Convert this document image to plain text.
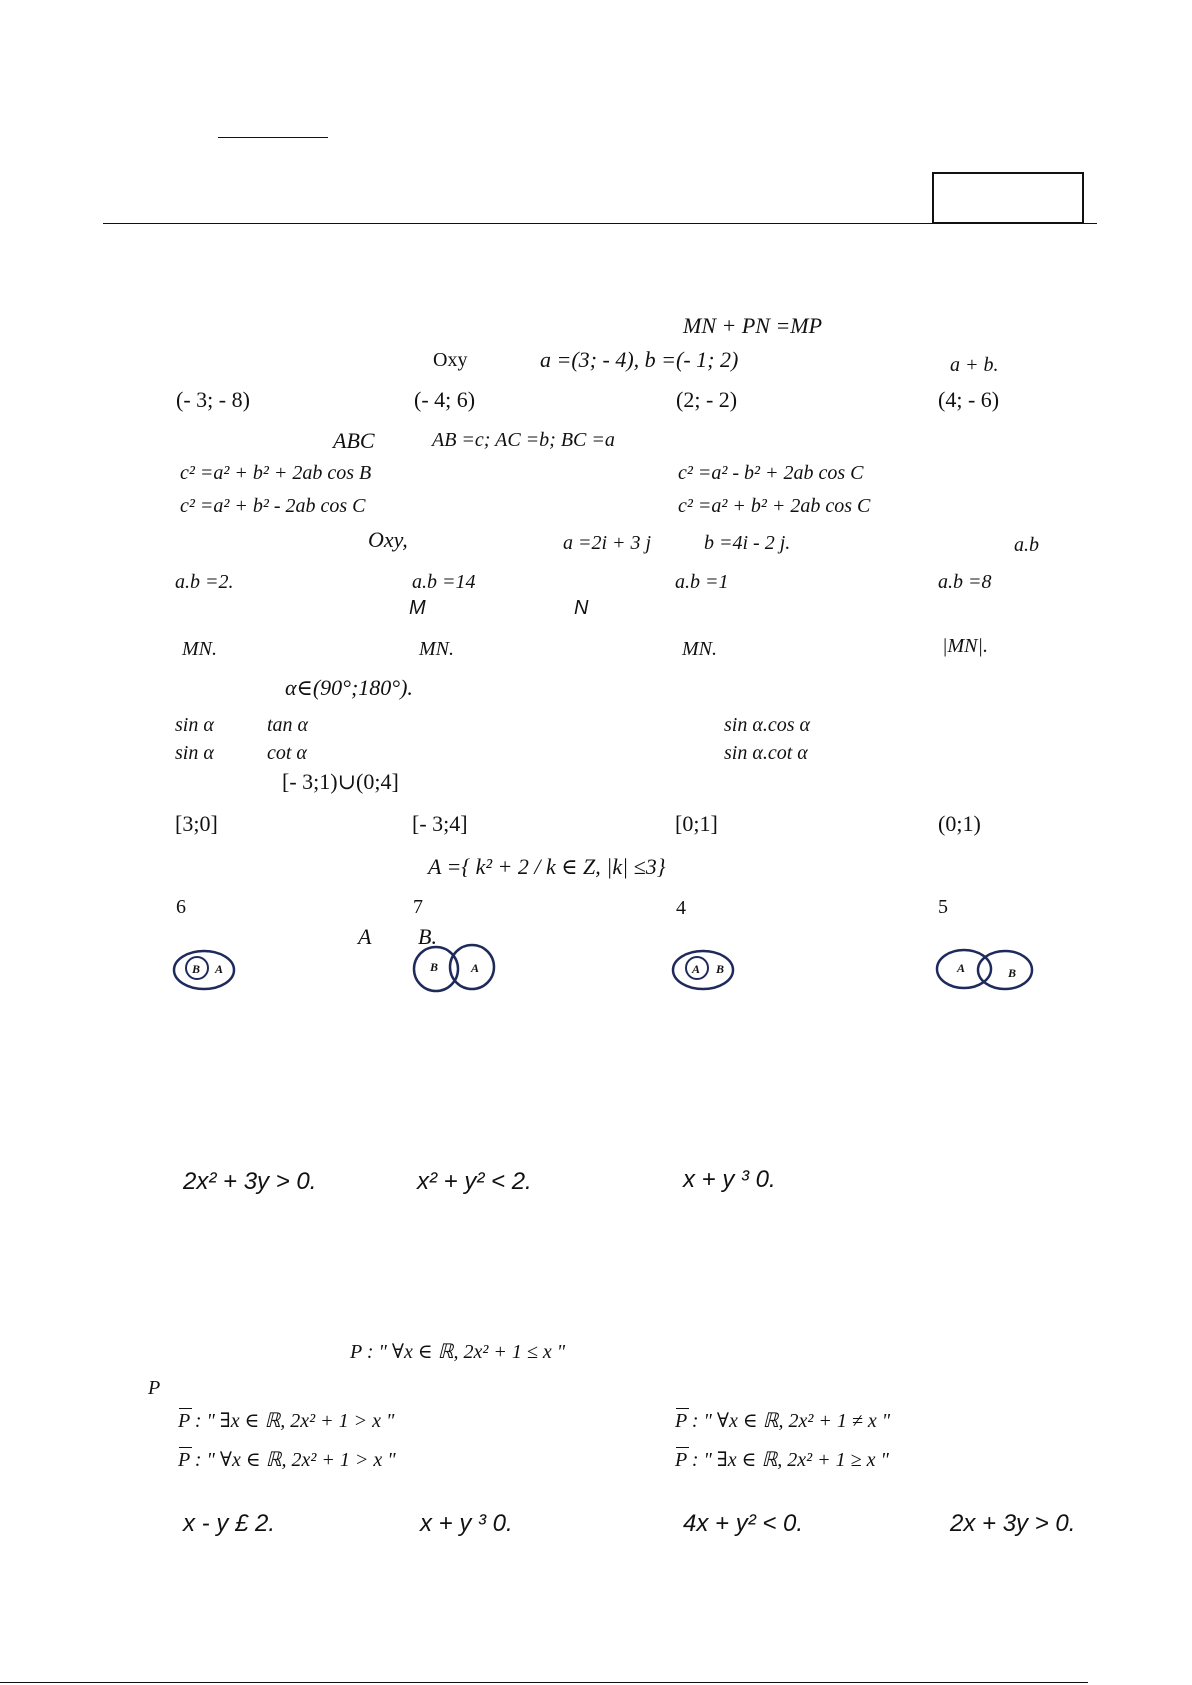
MN + PN =MP
Oxy	a =(3; - 4), b =(- 1; 2)	a + b.
(- 3; - 8)	(- 4; 6)	(2; - 2)	(4; - 6)
ABC	AB =c; AC =b; BC =a
c² =a² + b² + 2ab cos B	c² =a² - b² + 2ab cos C
c² =a² + b² - 2ab cos C	c² =a² + b² + 2ab cos C
Oxy,	a =2i + 3 j	b =4i - 2 j.	a.b
a.b =2.	a.b =14	a.b =1	a.b =8
M	N
MN.	MN.	MN.	|MN|.
α∈(90°;180°).
sin α	tan α	sin α.cos α
sin α	cot α	sin α.cot α
[- 3;1)∪(0;4]
[3;0]	[- 3;4]	[0;1]	(0;1)
A ={ k² + 2 / k ∈ Z, |k| ≤3}
6	7	4	5
A B.
B A	B	A	A B	A	B
2x² + 3y > 0.	x² + y² < 2.	x + y ³ 0.
P : " ∀x ∈ ℝ, 2x² + 1 ≤ x "
P
P : " ∃x ∈ ℝ, 2x² + 1 > x "	P : " ∀x ∈ ℝ, 2x² + 1 ≠ x "
P : " ∀x ∈ ℝ, 2x² + 1 > x "	P : " ∃x ∈ ℝ, 2x² + 1 ≥ x "
x - y £ 2.	x + y ³ 0.	4x + y² < 0.	2x + 3y > 0.
